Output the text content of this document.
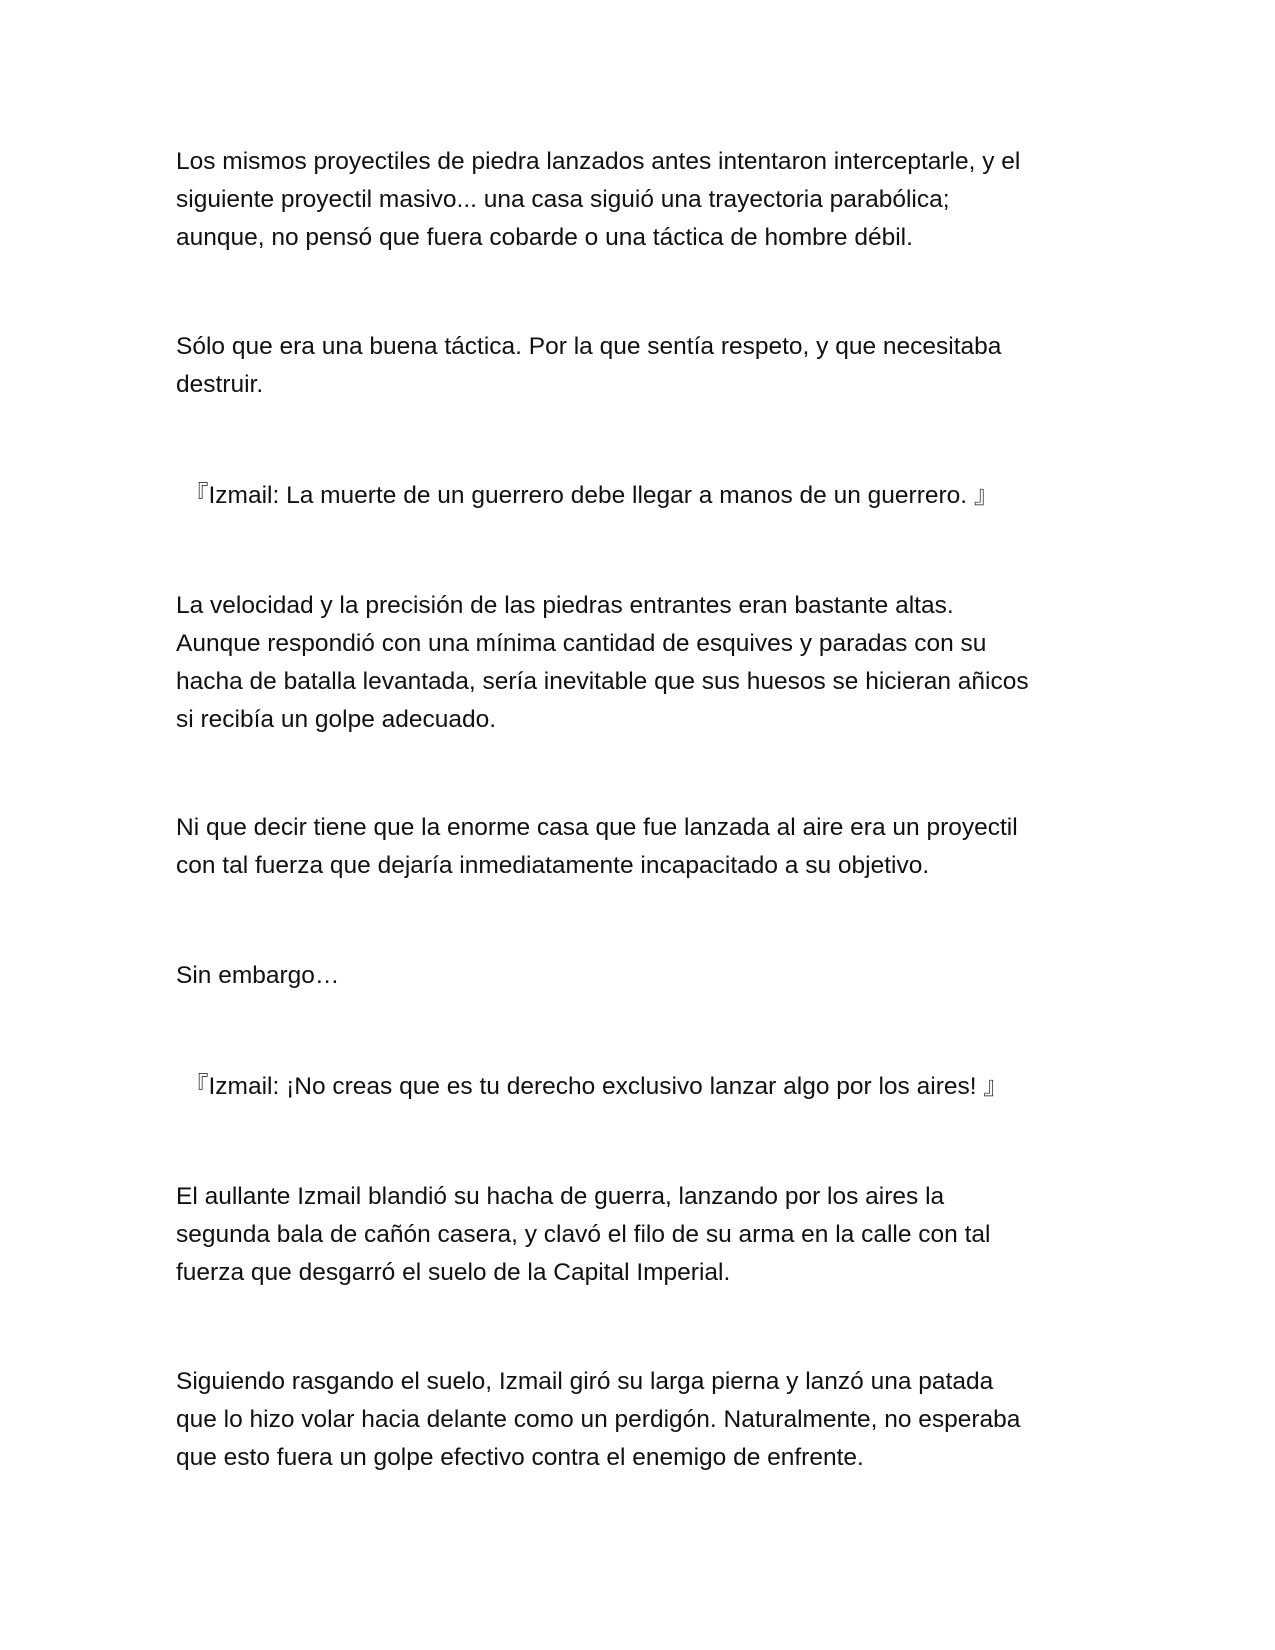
Los mismos proyectiles de piedra lanzados antes intentaron interceptarle, y el
siguiente proyectil masivo... una casa siguió una trayectoria parabólica;
aunque, no pensó que fuera cobarde o una táctica de hombre débil.

Sólo que era una buena táctica. Por la que sentía respeto, y que necesitaba
destruir.

『Izmail: La muerte de un guerrero debe llegar a manos de un guerrero. 』

La velocidad y la precisión de las piedras entrantes eran bastante altas.
Aunque respondió con una mínima cantidad de esquives y paradas con su
hacha de batalla levantada, sería inevitable que sus huesos se hicieran añicos
si recibía un golpe adecuado.

Ni que decir tiene que la enorme casa que fue lanzada al aire era un proyectil
con tal fuerza que dejaría inmediatamente incapacitado a su objetivo.

Sin embargo…

『Izmail: ¡No creas que es tu derecho exclusivo lanzar algo por los aires! 』

El aullante Izmail blandió su hacha de guerra, lanzando por los aires la
segunda bala de cañón casera, y clavó el filo de su arma en la calle con tal
fuerza que desgarró el suelo de la Capital Imperial.

Siguiendo rasgando el suelo, Izmail giró su larga pierna y lanzó una patada
que lo hizo volar hacia delante como un perdigón. Naturalmente, no esperaba
que esto fuera un golpe efectivo contra el enemigo de enfrente.
